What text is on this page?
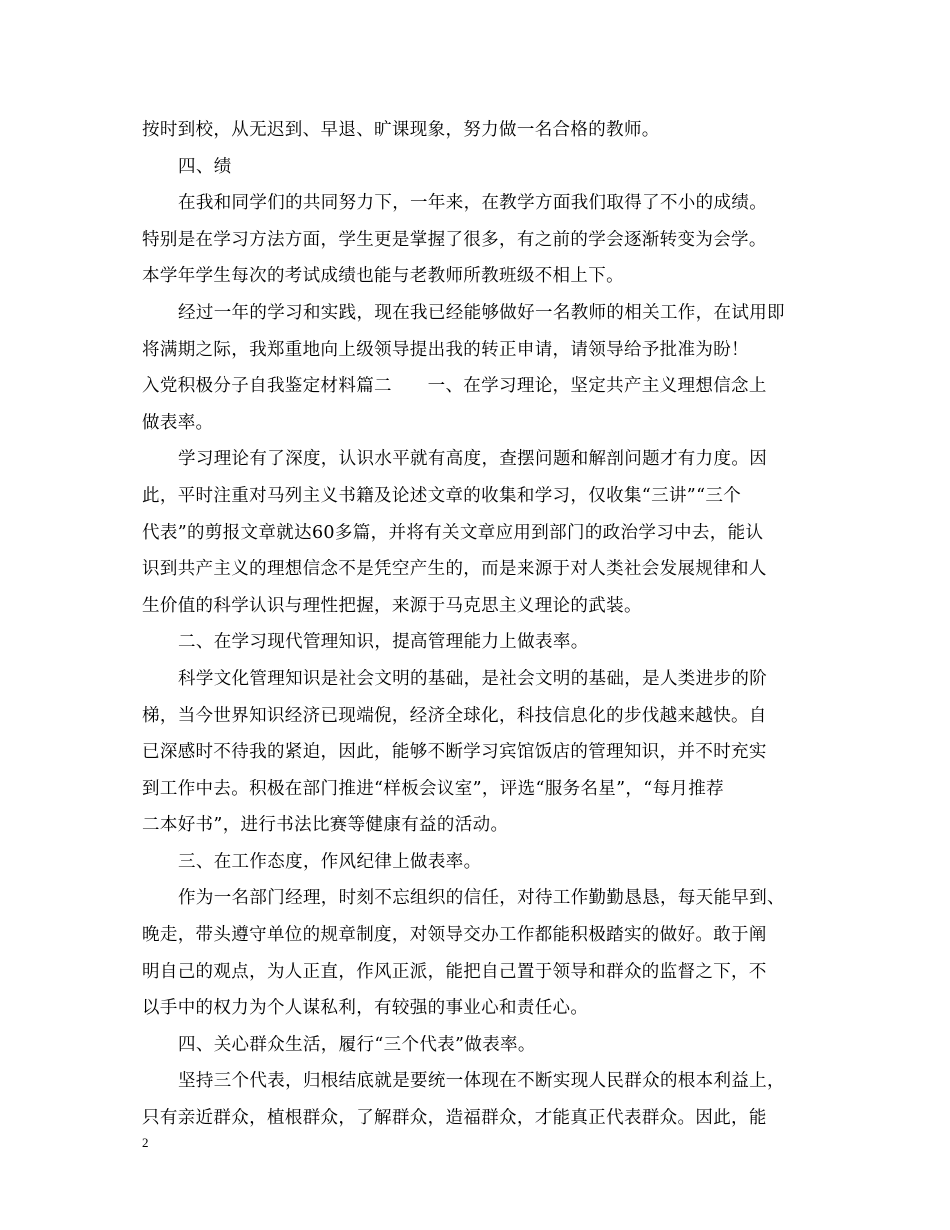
按时到校，从无迟到、早退、旷课现象，努力做一名合格的教师。
四、绩
在我和同学们的共同努力下，一年来，在教学方面我们取得了不小的成绩。
特别是在学习方法方面，学生更是掌握了很多，有之前的学会逐渐转变为会学。
本学年学生每次的考试成绩也能与老教师所教班级不相上下。
经过一年的学习和实践，现在我已经能够做好一名教师的相关工作，在试用即
将满期之际，我郑重地向上级领导提出我的转正申请，请领导给予批准为盼！
入党积极分子自我鉴定材料篇二　　一、在学习理论，坚定共产主义理想信念上
做表率。
学习理论有了深度，认识水平就有高度，查摆问题和解剖问题才有力度。因
此，平时注重对马列主义书籍及论述文章的收集和学习，仅收集“三讲”“三个
代表”的剪报文章就达60多篇，并将有关文章应用到部门的政治学习中去，能认
识到共产主义的理想信念不是凭空产生的，而是来源于对人类社会发展规律和人
生价值的科学认识与理性把握，来源于马克思主义理论的武装。
二、在学习现代管理知识，提高管理能力上做表率。
科学文化管理知识是社会文明的基础，是社会文明的基础，是人类进步的阶
梯，当今世界知识经济已现端倪，经济全球化，科技信息化的步伐越来越快。自
已深感时不待我的紧迫，因此，能够不断学习宾馆饭店的管理知识，并不时充实
到工作中去。积极在部门推进“样板会议室”，评选“服务名星”，“每月推荐
二本好书”，进行书法比赛等健康有益的活动。
三、在工作态度，作风纪律上做表率。
作为一名部门经理，时刻不忘组织的信任，对待工作勤勤恳恳，每天能早到、
晚走，带头遵守单位的规章制度，对领导交办工作都能积极踏实的做好。敢于阐
明自己的观点，为人正直，作风正派，能把自己置于领导和群众的监督之下，不
以手中的权力为个人谋私利，有较强的事业心和责任心。
四、关心群众生活，履行“三个代表”做表率。
坚持三个代表，归根结底就是要统一体现在不断实现人民群众的根本利益上，
只有亲近群众，植根群众，了解群众，造福群众，才能真正代表群众。因此，能
2
